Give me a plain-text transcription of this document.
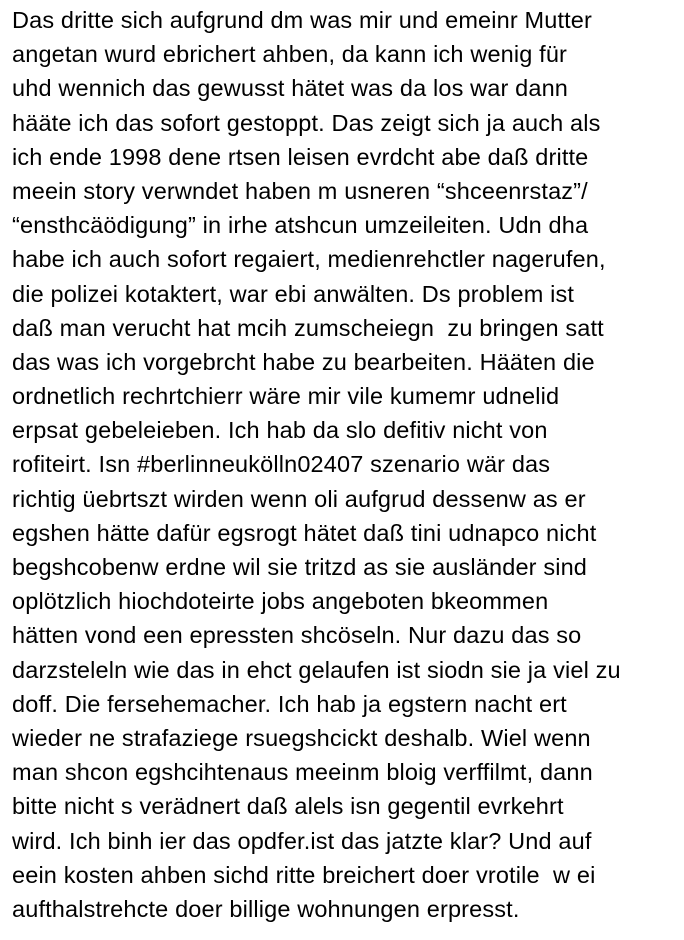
Das dritte sich aufgrund dm was mir und emeinr Mutter
angetan wurd ebrichert ahben, da kann ich wenig für
uhd wennich das gewusst hätet was da los war dann
hääte ich das sofort gestoppt. Das zeigt sich ja auch als
ich ende 1998 dene rtsen leisen evrdcht abe daß dritte
meein story verwndet haben m usneren “shceenrstaz”/
“ensthcäödigung” in irhe atshcun umzeileiten. Udn dha
habe ich auch sofort regaiert, medienrehctler nagerufen,
die polizei kotaktert, war ebi anwälten. Ds problem ist
daß man verucht hat mcih zumscheiegn  zu bringen satt
das was ich vorgebrcht habe zu bearbeiten. Hääten die
ordnetlich rechrtchierr wäre mir vile kumemr udnelid
erpsat gebeleieben. Ich hab da slo defitiv nicht von
rofiteirt. Isn #berlinneukölln02407 szenario wär das
richtig üebrtszt wirden wenn oli aufgrud dessenw as er
egshen hätte dafür egsrogt hätet daß tini udnapco nicht
begshcobenw erdne wil sie tritzd as sie ausländer sind
oplötzlich hiochdoteirte jobs angeboten bkeommen
hätten vond een epressten shcöseln. Nur dazu das so
darzsteleln wie das in ehct gelaufen ist siodn sie ja viel zu
doff. Die fersehemacher. Ich hab ja egstern nacht ert
wieder ne strafaziege rsuegshcickt deshalb. Wiel wenn
man shcon egshcihtenaus meeinm bloig verffilmt, dann
bitte nicht s verädnert daß alels isn gegentil evrkehrt
wird. Ich binh ier das opdfer.ist das jatzte klar? Und auf
eein kosten ahben sichd ritte breichert doer vrotile  w ei
aufthalstrehcte doer billige wohnungen erpresst.
